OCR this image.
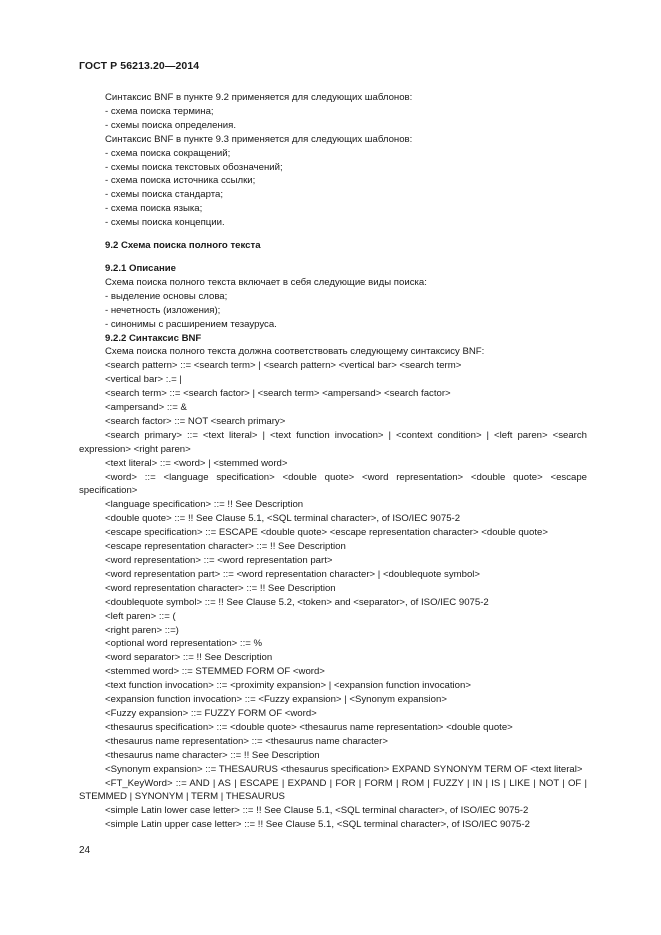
ГОСТ Р 56213.20—2014

Синтаксис BNF в пункте 9.2 применяется для следующих шаблонов:

- схема поиска термина;

- схемы поиска определения.

Синтаксис BNF в пункте 9.3 применяется для следующих шаблонов:

- схема поиска сокращений;

- схемы поиска текстовых обозначений;

- схема поиска источника ссылки;

- схемы поиска стандарта;

- схема поиска языка;

- схемы поиска концепции.

9.2 Схема поиска полного текста

9.2.1 Описание

Схема поиска полного текста включает в себя следующие виды поиска:

- выделение основы слова;

- нечетность (изложения);

- синонимы с расширением тезауруса.

9.2.2 Синтаксис BNF

Схема поиска полного текста должна соответствовать следующему синтаксису BNF:

<search pattern> ::= <search term> | <search pattern> <vertical bar> <search term>

<vertical bar> :.= |

<search term> ::= <search factor> | <search term> <ampersand> <search factor>

<ampersand> ::= &

<search factor> ::= NOT <search primary>

<search primary> ::= <text literal> | <text function invocation> | <context condition> | <left paren> <search expression> <right paren>

<text literal> ::= <word> | <stemmed word>

<word> ::= <language specification> <double quote> <word representation> <double quote> <escape specification>

<language specification> ::= !! See Description

<double quote> ::= !! See Clause 5.1, <SQL terminal character>, of ISO/IEC 9075-2

<escape specification> ::= ESCAPE <double quote> <escape representation character> <double quote>

<escape representation character> ::= !! See Description

<word representation> ::= <word representation part>

<word representation part> ::= <word representation character> | <doublequote symbol>

<word representation character> ::= !! See Description

<doublequote symbol> ::= !! See Clause 5.2, <token> and <separator>, of ISO/IEC 9075-2

<left paren> ::= (

<right paren> ::=)

<optional word representation> ::= %

<word separator> ::= !! See Description

<stemmed word> ::= STEMMED FORM OF <word>

<text function invocation> ::= <proximity expansion> | <expansion function invocation>

<expansion function invocation> ::= <Fuzzy expansion> | <Synonym expansion>

<Fuzzy expansion> ::= FUZZY FORM OF <word>

<thesaurus specification> ::= <double quote> <thesaurus name representation> <double quote>

<thesaurus name representation> ::= <thesaurus name character>

<thesaurus name character> ::= !! See Description

<Synonym expansion> ::= THESAURUS <thesaurus specification> EXPAND SYNONYM TERM OF <text literal>

<FT_KeyWord> ::= AND | AS | ESCAPE | EXPAND | FOR | FORM | ROM | FUZZY | IN | IS | LIKE | NOT | OF | STEMMED | SYNONYM | TERM | THESAURUS

<simple Latin lower case letter> ::= !! See Clause 5.1, <SQL terminal character>, of ISO/IEC 9075-2

<simple Latin upper case letter> ::= !! See Clause 5.1, <SQL terminal character>, of ISO/IEC 9075-2

24
